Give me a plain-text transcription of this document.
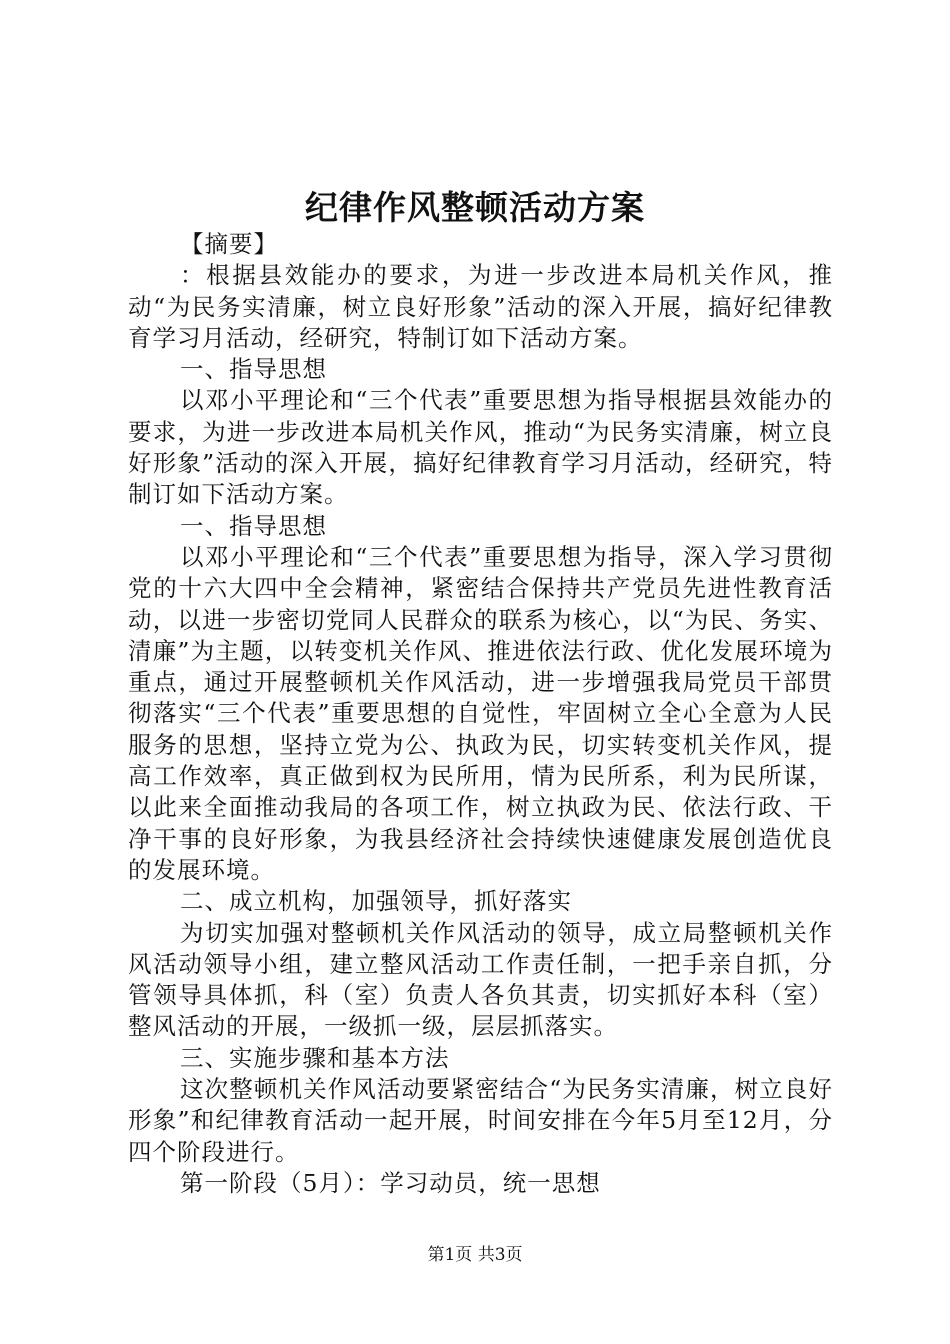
纪律作风整顿活动方案

【摘要】

：根据县效能办的要求，为进一步改进本局机关作风，推动“为民务实清廉，树立良好形象”活动的深入开展，搞好纪律教育学习月活动，经研究，特制订如下活动方案。

一、指导思想

以邓小平理论和“三个代表”重要思想为指导根据县效能办的要求，为进一步改进本局机关作风，推动“为民务实清廉，树立良好形象”活动的深入开展，搞好纪律教育学习月活动，经研究，特制订如下活动方案。

一、指导思想

以邓小平理论和“三个代表”重要思想为指导，深入学习贯彻党的十六大四中全会精神，紧密结合保持共产党员先进性教育活动，以进一步密切党同人民群众的联系为核心，以“为民、务实、清廉”为主题，以转变机关作风、推进依法行政、优化发展环境为重点，通过开展整顿机关作风活动，进一步增强我局党员干部贯彻落实“三个代表”重要思想的自觉性，牢固树立全心全意为人民服务的思想，坚持立党为公、执政为民，切实转变机关作风，提高工作效率，真正做到权为民所用，情为民所系，利为民所谋，以此来全面推动我局的各项工作，树立执政为民、依法行政、干净干事的良好形象，为我县经济社会持续快速健康发展创造优良的发展环境。

二、成立机构，加强领导，抓好落实

为切实加强对整顿机关作风活动的领导，成立局整顿机关作风活动领导小组，建立整风活动工作责任制，一把手亲自抓，分管领导具体抓，科（室）负责人各负其责，切实抓好本科（室）整风活动的开展，一级抓一级，层层抓落实。

三、实施步骤和基本方法

这次整顿机关作风活动要紧密结合“为民务实清廉，树立良好形象”和纪律教育活动一起开展，时间安排在今年5月至12月，分四个阶段进行。

第一阶段（5月）：学习动员，统一思想

第1页 共3页
